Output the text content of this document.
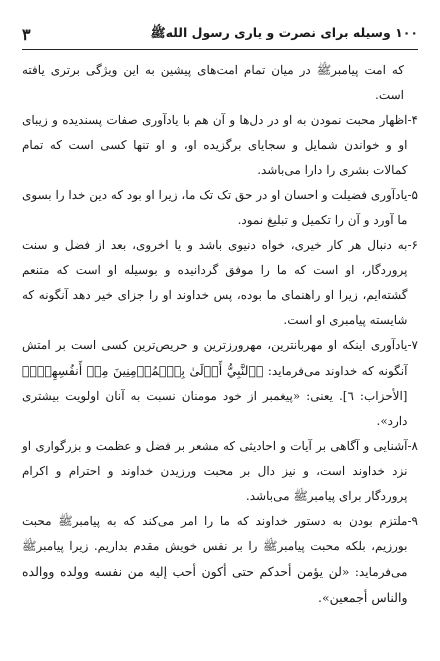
۱۰۰ وسیله برای نصرت و یاری رسول اللهﷺ
۳

که امت پیامبرﷺ در میان تمام امت‌های پیشین به این ویژگی برتری یافته است.

۴-
اظهار محبت نمودن به او در دل‌ها و آن هم با یادآوری صفات پسندیده و زیبای او و خواندن شمایل و سجایای برگزیده او، و او تنها کسی است که تمام کمالات بشری را دارا می‌باشد.
۵-
یادآوری فضیلت و احسان او در حق تک تک ما، زیرا او بود که دین خدا را بسوی ما آورد و آن را تکمیل و تبلیغ نمود.
۶-
به دنبال هر کار خیری، خواه دنیوی باشد و یا اخروی، بعد از فضل و سنت پروردگار، او است که ما را موفق گردانیده و بوسیله او است که متنعم گشته‌ایم، زیرا او راهنمای ما بوده، پس خداوند او را جزای خیر دهد آنگونه که شایسته پیامبری او است.
۷-
یادآوری اینکه او مهربانترین، مهرورزترین و حریص‌ترین کسی است بر امتش آنگونه که خداوند می‌فرماید: ﴿ٱلنَّبِيُّ أَوۡلَىٰ بِٱلۡمُؤۡمِنِينَ مِنۡ أَنفُسِهِمۡۖ﴾ [الأحزاب: ٦]. یعنی: «پیغمبر از خود مومنان نسبت به آنان اولویت بیشتری دارد».
۸-
آشنایی و آگاهی بر آیات و احادیثی که مشعر بر فضل و عظمت و بزرگواری او نزد خداوند است، و نیز دال بر محبت ورزیدن خداوند و احترام و اکرام پروردگار برای پیامبرﷺ می‌باشد.
۹-
ملتزم بودن به دستور خداوند که ما را امر می‌کند که به پیامبرﷺ محبت بورزیم، بلکه محبت پیامبرﷺ را بر نفس خویش مقدم بداریم. زیرا پیامبرﷺ می‌فرماید: «لن یؤمن أحدکم حتی أکون أحب إلیه من نفسه وولده ووالده والناس أجمعین».
